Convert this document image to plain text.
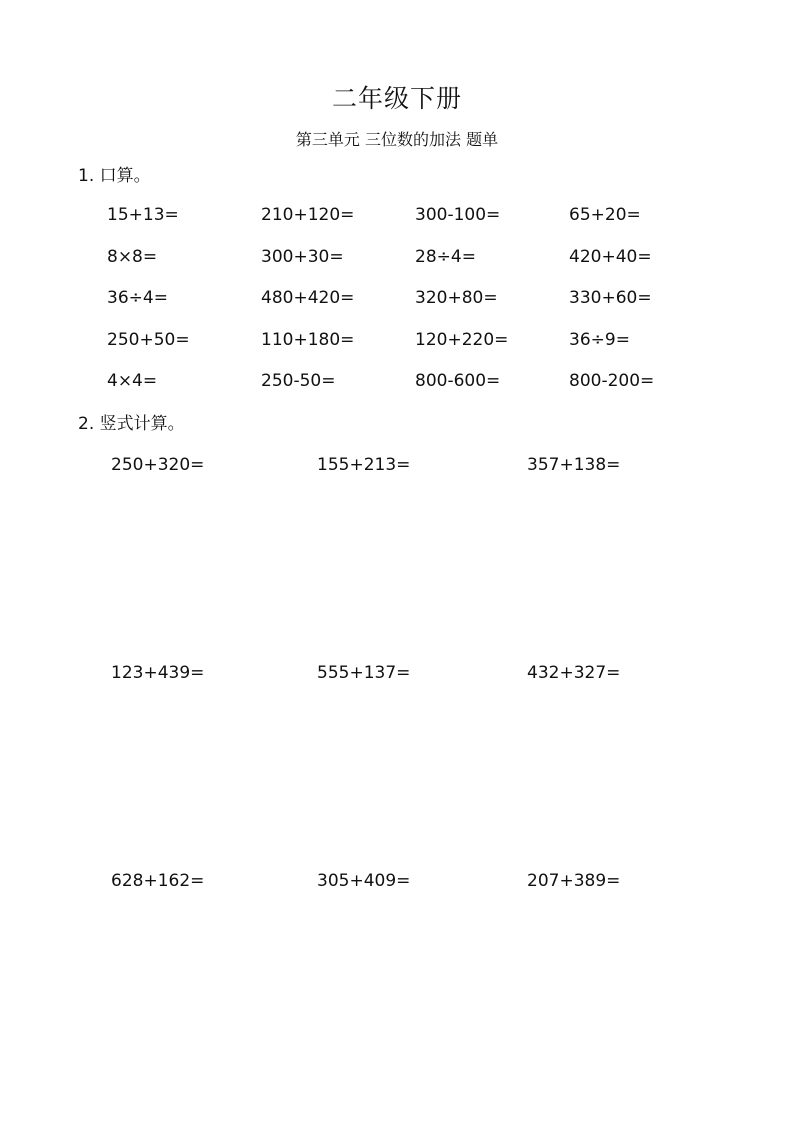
二年级下册
第三单元 三位数的加法 题单
1. 口算。
15+13=	210+120=	300-100=	65+20=
8×8=	300+30=	28÷4=	420+40=
36÷4=	480+420=	320+80=	330+60=
250+50=	110+180=	120+220=	36÷9=
4×4=	250-50=	800-600=	800-200=
2. 竖式计算。
250+320=	155+213=	357+138=
123+439=	555+137=	432+327=
628+162=	305+409=	207+389=
